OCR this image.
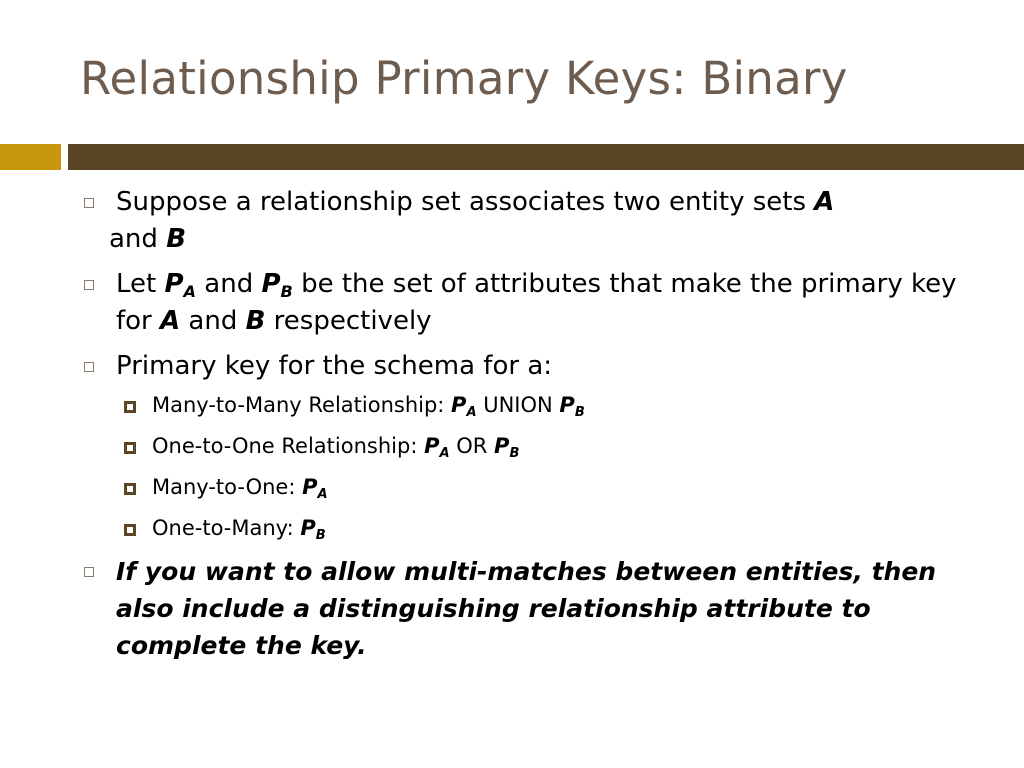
Relationship Primary Keys: Binary
Suppose a relationship set associates two entity sets A
and B
Let $P_A$ and $P_B$ be the set of attributes that make the primary key for A and B respectively
Primary key for the schema for a:
Many-to-Many Relationship: $P_A$ UNION $P_B$
One-to-One Relationship: $P_A$ OR $P_B$
Many-to-One: $P_A$
One-to-Many: $P_B$
If you want to allow multi-matches between entities, then also include a distinguishing relationship attribute to complete the key.
